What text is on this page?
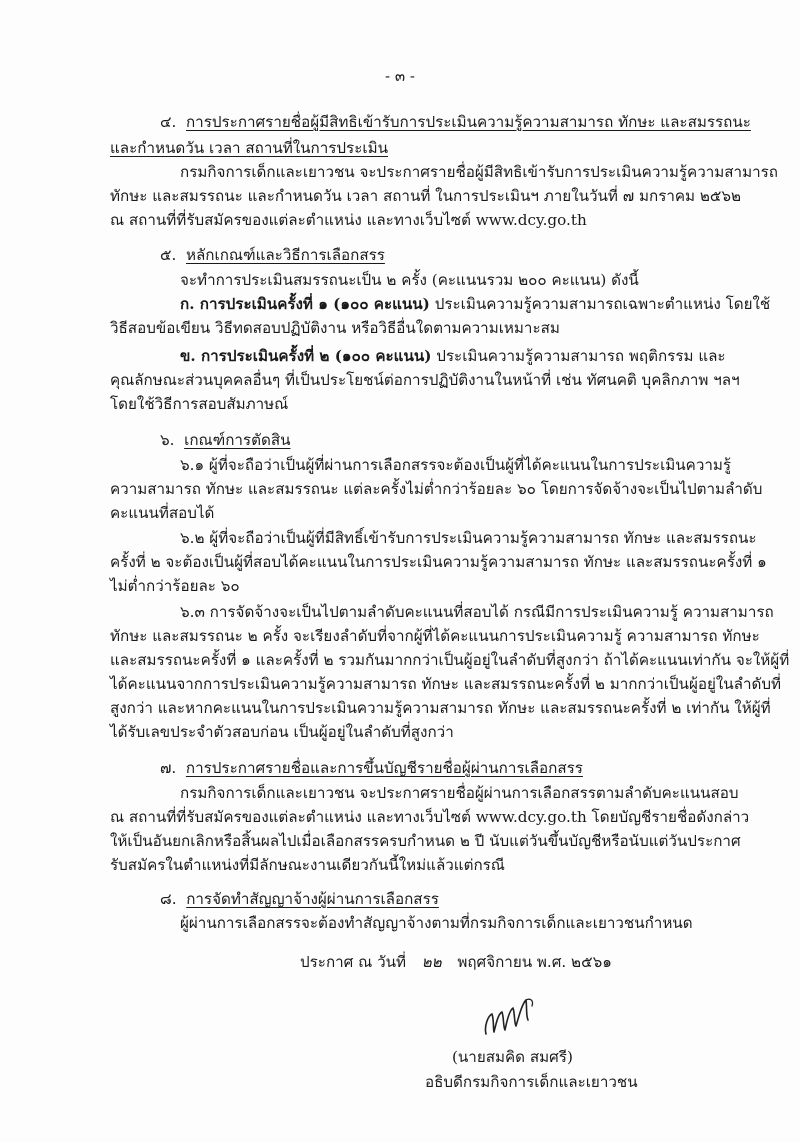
- ๓ -
๔. การประกาศรายชื่อผู้มีสิทธิเข้ารับการประเมินความรู้ความสามารถ ทักษะ และสมรรถนะ
และกำหนดวัน เวลา สถานที่ในการประเมิน
กรมกิจการเด็กและเยาวชน จะประกาศรายชื่อผู้มีสิทธิเข้ารับการประเมินความรู้ความสามารถ
ทักษะ และสมรรถนะ และกำหนดวัน เวลา สถานที่ ในการประเมินฯ ภายในวันที่ ๗ มกราคม ๒๕๖๒
ณ สถานที่ที่รับสมัครของแต่ละตำแหน่ง และทางเว็บไซต์ www.dcy.go.th
๕. หลักเกณฑ์และวิธีการเลือกสรร
จะทำการประเมินสมรรถนะเป็น ๒ ครั้ง (คะแนนรวม ๒๐๐ คะแนน) ดังนี้
ก. การประเมินครั้งที่ ๑ (๑๐๐ คะแนน) ประเมินความรู้ความสามารถเฉพาะตำแหน่ง โดยใช้
วิธีสอบข้อเขียน วิธีทดสอบปฏิบัติงาน หรือวิธีอื่นใดตามความเหมาะสม
ข. การประเมินครั้งที่ ๒ (๑๐๐ คะแนน) ประเมินความรู้ความสามารถ พฤติกรรม และ
คุณลักษณะส่วนบุคคลอื่นๆ ที่เป็นประโยชน์ต่อการปฏิบัติงานในหน้าที่ เช่น ทัศนคติ บุคลิกภาพ ฯลฯ
โดยใช้วิธีการสอบสัมภาษณ์
๖. เกณฑ์การตัดสิน
๖.๑ ผู้ที่จะถือว่าเป็นผู้ที่ผ่านการเลือกสรรจะต้องเป็นผู้ที่ได้คะแนนในการประเมินความรู้
ความสามารถ ทักษะ และสมรรถนะ แต่ละครั้งไม่ต่ำกว่าร้อยละ ๖๐ โดยการจัดจ้างจะเป็นไปตามลำดับ
คะแนนที่สอบได้
๖.๒ ผู้ที่จะถือว่าเป็นผู้ที่มีสิทธิ์เข้ารับการประเมินความรู้ความสามารถ ทักษะ และสมรรถนะ
ครั้งที่ ๒ จะต้องเป็นผู้ที่สอบได้คะแนนในการประเมินความรู้ความสามารถ ทักษะ และสมรรถนะครั้งที่ ๑
ไม่ต่ำกว่าร้อยละ ๖๐
๖.๓ การจัดจ้างจะเป็นไปตามลำดับคะแนนที่สอบได้ กรณีมีการประเมินความรู้ ความสามารถ
ทักษะ และสมรรถนะ ๒ ครั้ง จะเรียงลำดับที่จากผู้ที่ได้คะแนนการประเมินความรู้ ความสามารถ ทักษะ
และสมรรถนะครั้งที่ ๑ และครั้งที่ ๒ รวมกันมากกว่าเป็นผู้อยู่ในลำดับที่สูงกว่า ถ้าได้คะแนนเท่ากัน จะให้ผู้ที่
ได้คะแนนจากการประเมินความรู้ความสามารถ ทักษะ และสมรรถนะครั้งที่ ๒ มากกว่าเป็นผู้อยู่ในลำดับที่
สูงกว่า และหากคะแนนในการประเมินความรู้ความสามารถ ทักษะ และสมรรถนะครั้งที่ ๒ เท่ากัน ให้ผู้ที่
ได้รับเลขประจำตัวสอบก่อน เป็นผู้อยู่ในลำดับที่สูงกว่า
๗. การประกาศรายชื่อและการขึ้นบัญชีรายชื่อผู้ผ่านการเลือกสรร
กรมกิจการเด็กและเยาวชน จะประกาศรายชื่อผู้ผ่านการเลือกสรรตามลำดับคะแนนสอบ
ณ สถานที่ที่รับสมัครของแต่ละตำแหน่ง และทางเว็บไซต์ www.dcy.go.th โดยบัญชีรายชื่อดังกล่าว
ให้เป็นอันยกเลิกหรือสิ้นผลไปเมื่อเลือกสรรครบกำหนด ๒ ปี นับแต่วันขึ้นบัญชีหรือนับแต่วันประกาศ
รับสมัครในตำแหน่งที่มีลักษณะงานเดียวกันนี้ใหม่แล้วแต่กรณี
๘. การจัดทำสัญญาจ้างผู้ผ่านการเลือกสรร
ผู้ผ่านการเลือกสรรจะต้องทำสัญญาจ้างตามที่กรมกิจการเด็กและเยาวชนกำหนด
ประกาศ ณ วันที่ ๒๒ พฤศจิกายน พ.ศ. ๒๕๖๑
(นายสมคิด สมศรี)
อธิบดีกรมกิจการเด็กและเยาวชน
